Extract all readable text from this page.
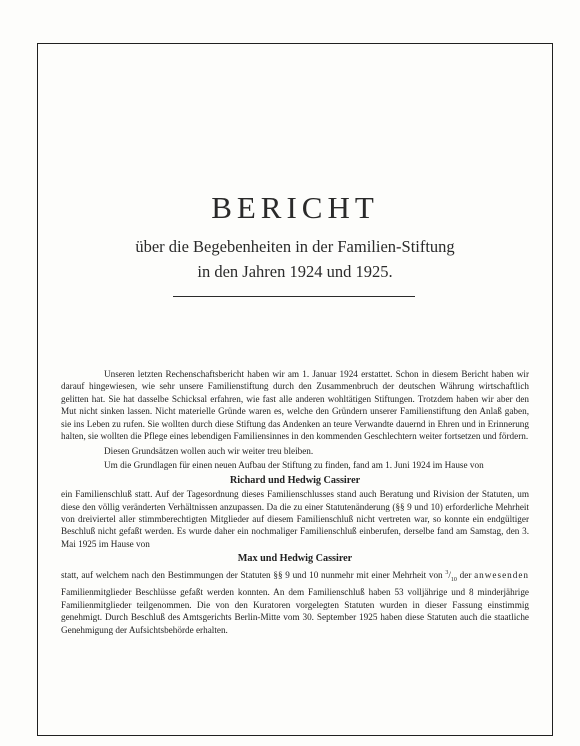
BERICHT
über die Begebenheiten in der Familien-Stiftung
in den Jahren 1924 und 1925.

Unseren letzten Rechenschaftsbericht haben wir am 1. Januar 1924 erstattet. Schon in diesem Bericht haben wir darauf hingewiesen, wie sehr unsere Familienstiftung durch den Zusammenbruch der deutschen Währung wirtschaftlich gelitten hat. Sie hat dasselbe Schicksal erfahren, wie fast alle anderen wohltätigen Stiftungen. Trotzdem haben wir aber den Mut nicht sinken lassen. Nicht materielle Gründe waren es, welche den Gründern unserer Familienstiftung den Anlaß gaben, sie ins Leben zu rufen. Sie wollten durch diese Stiftung das Andenken an teure Verwandte dauernd in Ehren und in Erinnerung halten, sie wollten die Pflege eines lebendigen Familiensinnes in den kommenden Geschlechtern weiter fortsetzen und fördern.

Diesen Grundsätzen wollen auch wir weiter treu bleiben.

Um die Grundlagen für einen neuen Aufbau der Stiftung zu finden, fand am 1. Juni 1924 im Hause von

Richard und Hedwig Cassirer

ein Familienschluß statt. Auf der Tagesordnung dieses Familienschlusses stand auch Beratung und Rivision der Statuten, um diese den völlig veränderten Verhältnissen anzupassen. Da die zu einer Statutenänderung (§§ 9 und 10) erforderliche Mehrheit von dreiviertel aller stimmberechtigten Mitglieder auf diesem Familienschluß nicht vertreten war, so konnte ein endgültiger Beschluß nicht gefaßt werden. Es wurde daher ein nochmaliger Familienschluß einberufen, derselbe fand am Samstag, den 3. Mai 1925 im Hause von

Max und Hedwig Cassirer

statt, auf welchem nach den Bestimmungen der Statuten §§ 9 und 10 nunmehr mit einer Mehrheit von $^3/_{10}$ der anwesenden Familienmitglieder Beschlüsse gefaßt werden konnten. An dem Familienschluß haben 53 volljährige und 8 minderjährige Familienmitglieder teilgenommen. Die von den Kuratoren vorgelegten Statuten wurden in dieser Fassung einstimmig genehmigt. Durch Beschluß des Amtsgerichts Berlin-Mitte vom 30. September 1925 haben diese Statuten auch die staatliche Genehmigung der Aufsichtsbehörde erhalten.
